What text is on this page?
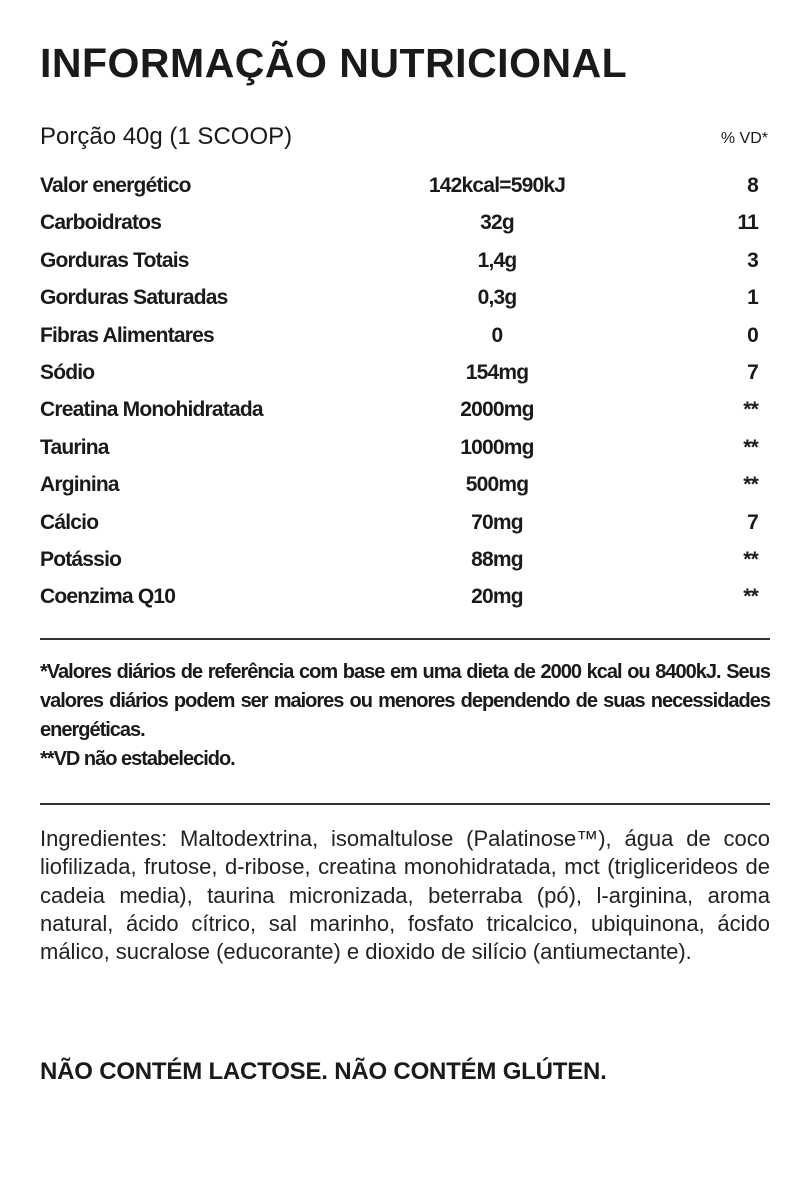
INFORMAÇÃO NUTRICIONAL
Porção 40g (1 SCOOP)	% VD*
Valor energético	142kcal=590kJ	8
Carboidratos	32g	11
Gorduras Totais	1,4g	3
Gorduras Saturadas	0,3g	1
Fibras Alimentares	0	0
Sódio	154mg	7
Creatina Monohidratada	2000mg	**
Taurina	1000mg	**
Arginina	500mg	**
Cálcio	70mg	7
Potássio	88mg	**
Coenzima Q10	20mg	**

*Valores diários de referência com base em uma dieta de 2000 kcal ou 8400kJ. Seus valores diários podem ser maiores ou menores dependendo de suas necessidades energéticas.

**VD não estabelecido.

Ingredientes: Maltodextrina, isomaltulose (Palatinose™), água de coco liofilizada, frutose, d-ribose, creatina monohidratada, mct (triglicerideos de cadeia media), taurina micronizada, beterraba (pó), l-arginina, aroma natural, ácido cítrico, sal marinho, fosfato tricalcico, ubiquinona, ácido málico, sucralose (educorante) e dioxido de silício (antiumectante).

NÃO CONTÉM LACTOSE. NÃO CONTÉM GLÚTEN.
